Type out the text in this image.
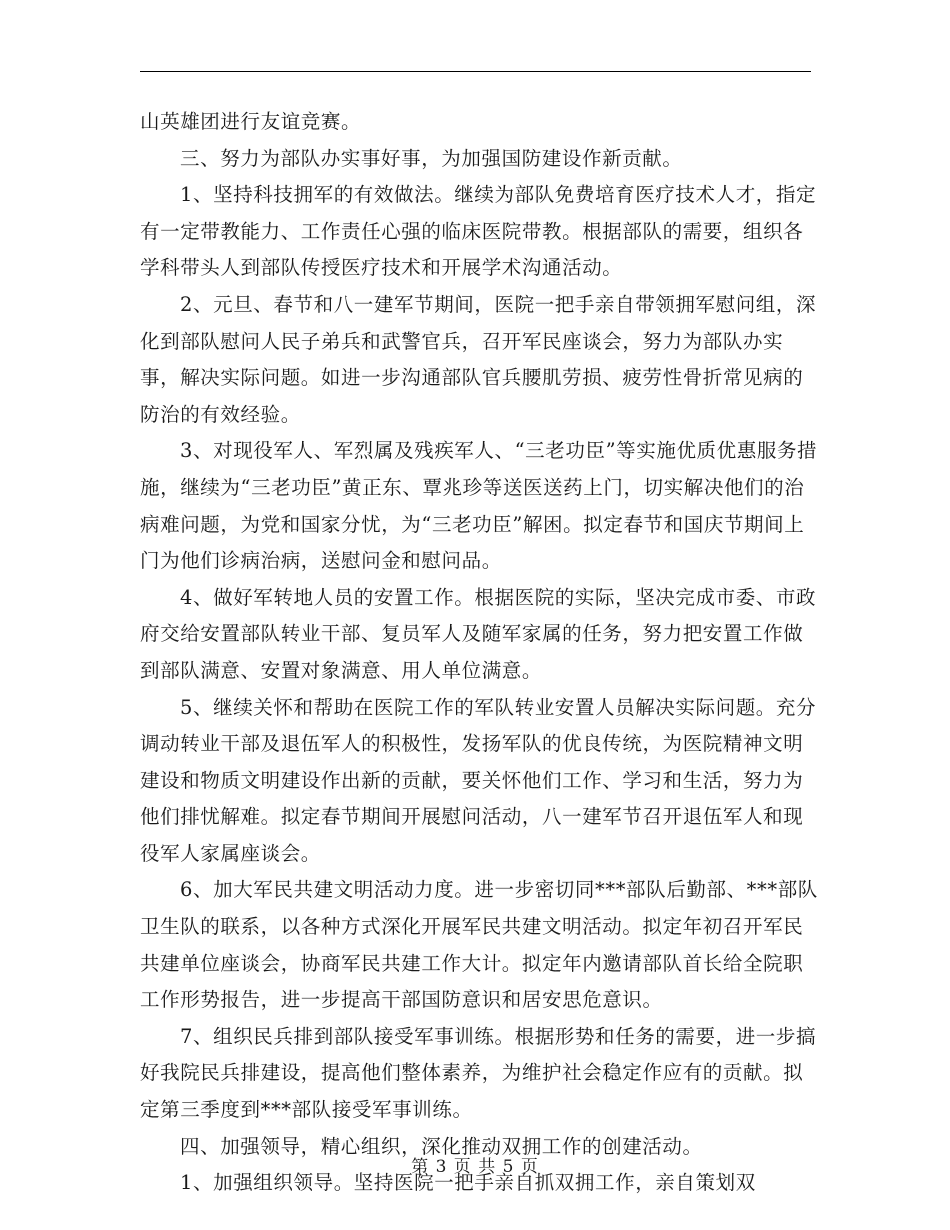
山英雄团进行友谊竞赛。

三、努力为部队办实事好事，为加强国防建设作新贡献。

1、坚持科技拥军的有效做法。继续为部队免费培育医疗技术人才，指定有一定带教能力、工作责任心强的临床医院带教。根据部队的需要，组织各学科带头人到部队传授医疗技术和开展学术沟通活动。

2、元旦、春节和八一建军节期间，医院一把手亲自带领拥军慰问组，深化到部队慰问人民子弟兵和武警官兵，召开军民座谈会，努力为部队办实事，解决实际问题。如进一步沟通部队官兵腰肌劳损、疲劳性骨折常见病的防治的有效经验。

3、对现役军人、军烈属及残疾军人、“三老功臣”等实施优质优惠服务措施，继续为“三老功臣”黄正东、覃兆珍等送医送药上门，切实解决他们的治病难问题，为党和国家分忧，为“三老功臣”解困。拟定春节和国庆节期间上门为他们诊病治病，送慰问金和慰问品。

4、做好军转地人员的安置工作。根据医院的实际，坚决完成市委、市政府交给安置部队转业干部、复员军人及随军家属的任务，努力把安置工作做到部队满意、安置对象满意、用人单位满意。

5、继续关怀和帮助在医院工作的军队转业安置人员解决实际问题。充分调动转业干部及退伍军人的积极性，发扬军队的优良传统，为医院精神文明建设和物质文明建设作出新的贡献，要关怀他们工作、学习和生活，努力为他们排忧解难。拟定春节期间开展慰问活动，八一建军节召开退伍军人和现役军人家属座谈会。

6、加大军民共建文明活动力度。进一步密切同***部队后勤部、***部队卫生队的联系，以各种方式深化开展军民共建文明活动。拟定年初召开军民共建单位座谈会，协商军民共建工作大计。拟定年内邀请部队首长给全院职工作形势报告，进一步提高干部国防意识和居安思危意识。

7、组织民兵排到部队接受军事训练。根据形势和任务的需要，进一步搞好我院民兵排建设，提高他们整体素养，为维护社会稳定作应有的贡献。拟定第三季度到***部队接受军事训练。

四、加强领导，精心组织，深化推动双拥工作的创建活动。

1、加强组织领导。坚持医院一把手亲自抓双拥工作，亲自策划双

第 3 页 共 5 页
